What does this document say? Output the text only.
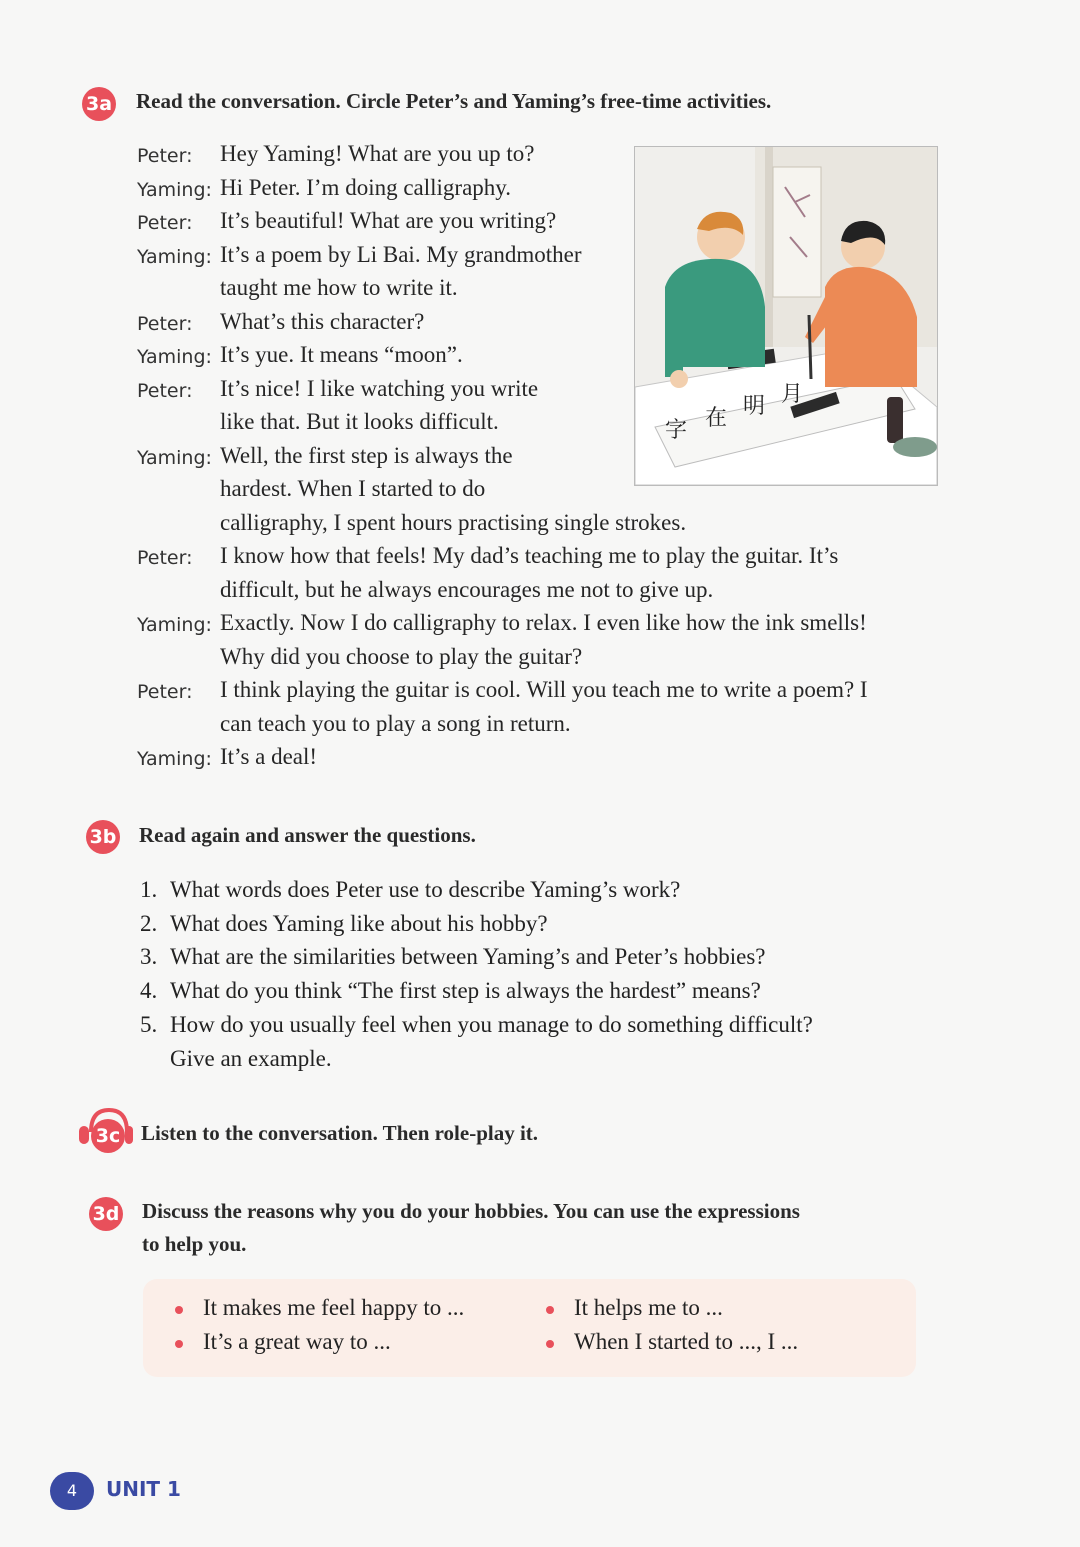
3a Read the conversation. Circle Peter’s and Yaming’s free-time activities.
Peter:	Hey Yaming! What are you up to?
Yaming: Hi Peter. I’m doing calligraphy.
Peter:	It’s beautiful! What are you writing?
Yaming: It’s a poem by Li Bai. My grandmother
taught me how to write it.
Peter:	What’s this character?
Yaming: It’s yue. It means “moon”.
Peter:	It’s nice! I like watching you write
like that. But it looks difficult.
Yaming: Well, the first step is always the
hardest. When I started to do
calligraphy, I spent hours practising single strokes.
Peter:	I know how that feels! My dad’s teaching me to play the guitar. It’s
difficult, but he always encourages me not to give up.
Yaming: Exactly. Now I do calligraphy to relax. I even like how the ink smells!
Why did you choose to play the guitar?
Peter:	I think playing the guitar is cool. Will you teach me to write a poem? I
can teach you to play a song in return.
Yaming: It’s a deal!
字 在 明 月
3b Read again and answer the questions.
1. What words does Peter use to describe Yaming’s work?
2. What does Yaming like about his hobby?
3. What are the similarities between Yaming’s and Peter’s hobbies?
4. What do you think “The first step is always the hardest” means?
5. How do you usually feel when you manage to do something difficult?
Give an example.
3c Listen to the conversation. Then role-play it.
3d Discuss the reasons why you do your hobbies. You can use the expressions
to help you.
It makes me feel happy to ...	It helps me to ...
It’s a great way to ...	When I started to ..., I ...
4	UNIT 1
